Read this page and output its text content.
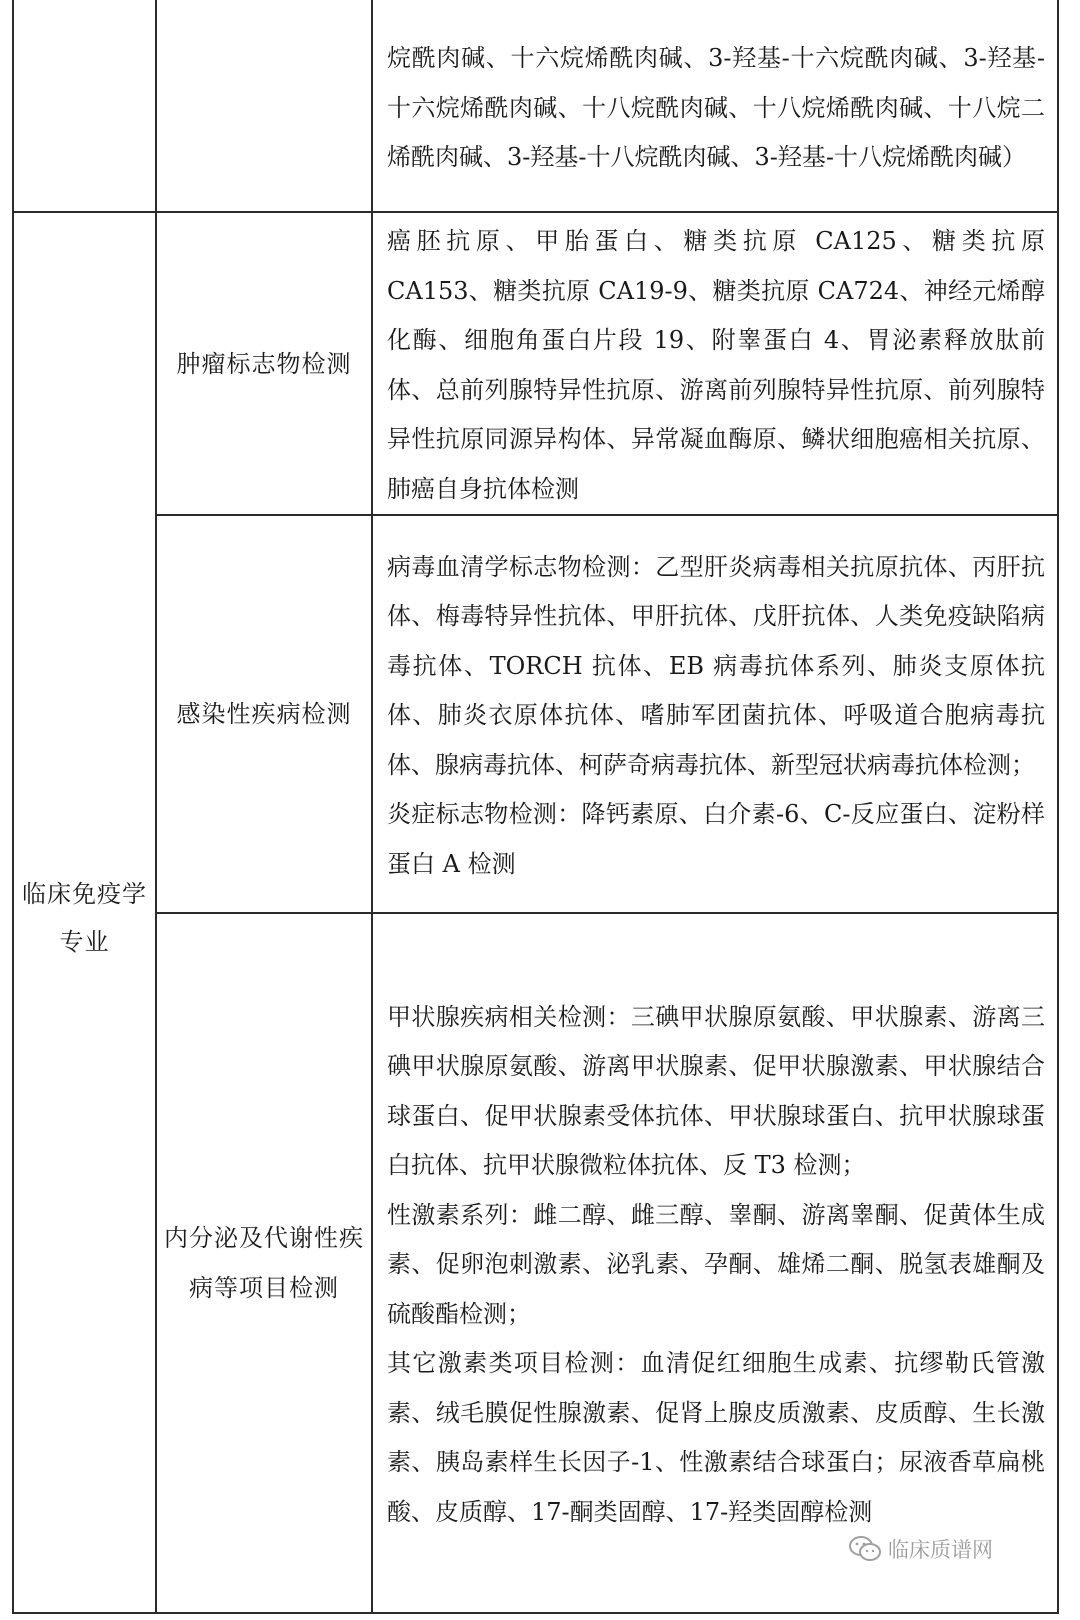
		烷酰肉碱、十六烷烯酰肉碱、3-羟基-十六烷酰肉碱、3-羟基-十六烷烯酰肉碱、十八烷酰肉碱、十八烷烯酰肉碱、十八烷二烯酰肉碱、3-羟基-十八烷酰肉碱、3-羟基-十八烷烯酰肉碱）

临床免疫学专业	肿瘤标志物检测	癌胚抗原、甲胎蛋白、糖类抗原 CA125、糖类抗原 CA153、糖类抗原 CA19-9、糖类抗原 CA724、神经元烯醇化酶、细胞角蛋白片段 19、附睾蛋白 4、胃泌素释放肽前体、总前列腺特异性抗原、游离前列腺特异性抗原、前列腺特异性抗原同源异构体、异常凝血酶原、鳞状细胞癌相关抗原、肺癌自身抗体检测

	感染性疾病检测	病毒血清学标志物检测：乙型肝炎病毒相关抗原抗体、丙肝抗体、梅毒特异性抗体、甲肝抗体、戊肝抗体、人类免疫缺陷病毒抗体、TORCH 抗体、EB 病毒抗体系列、肺炎支原体抗体、肺炎衣原体抗体、嗜肺军团菌抗体、呼吸道合胞病毒抗体、腺病毒抗体、柯萨奇病毒抗体、新型冠状病毒抗体检测；

炎症标志物检测：降钙素原、白介素-6、C-反应蛋白、淀粉样蛋白 A 检测

	内分泌及代谢性疾病等项目检测	甲状腺疾病相关检测：三碘甲状腺原氨酸、甲状腺素、游离三碘甲状腺原氨酸、游离甲状腺素、促甲状腺激素、甲状腺结合球蛋白、促甲状腺素受体抗体、甲状腺球蛋白、抗甲状腺球蛋白抗体、抗甲状腺微粒体抗体、反 T3 检测；

性激素系列：雌二醇、雌三醇、睾酮、游离睾酮、促黄体生成素、促卵泡刺激素、泌乳素、孕酮、雄烯二酮、脱氢表雄酮及硫酸酯检测；

其它激素类项目检测：血清促红细胞生成素、抗缪勒氏管激素、绒毛膜促性腺激素、促肾上腺皮质激素、皮质醇、生长激素、胰岛素样生长因子-1、性激素结合球蛋白；尿液香草扁桃酸、皮质醇、17-酮类固醇、17-羟类固醇检测

临床质谱网
